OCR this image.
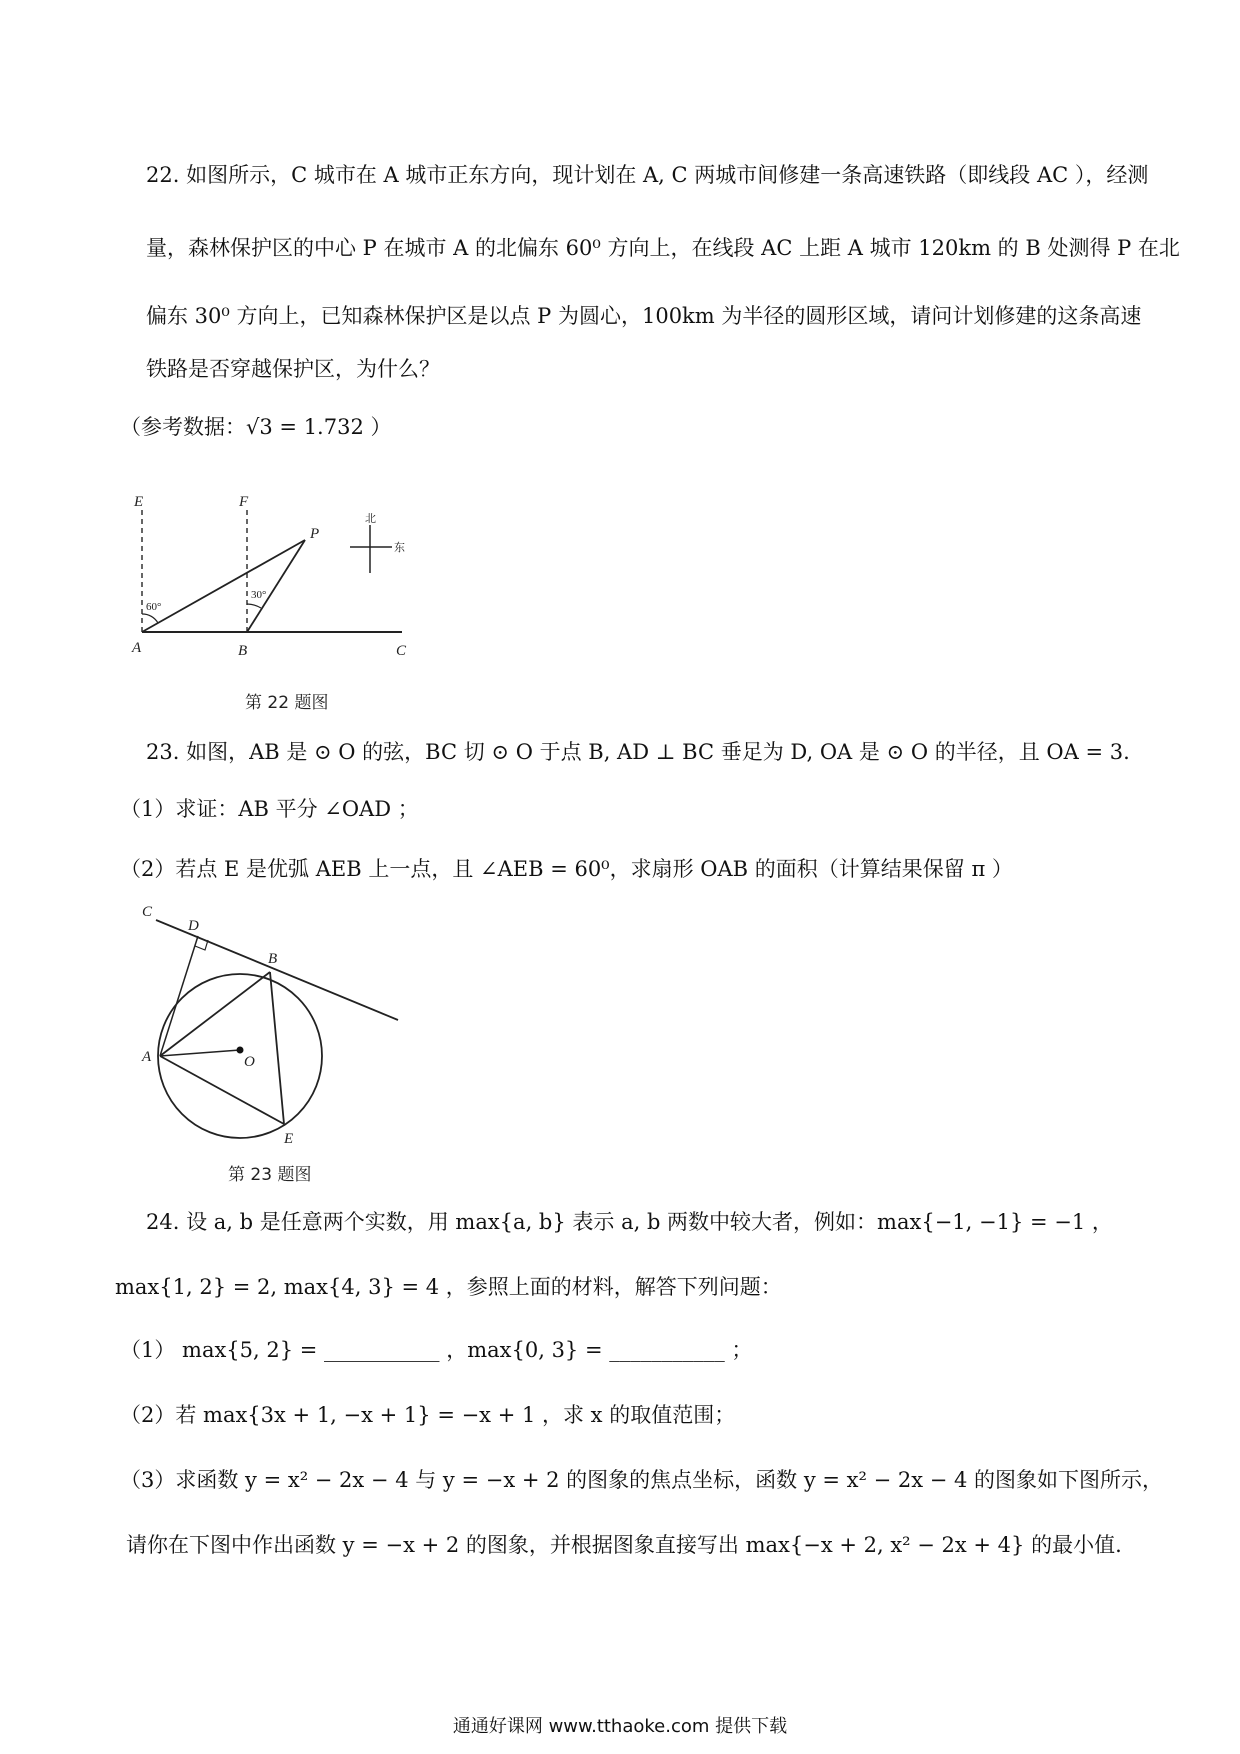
22. 如图所示，C 城市在 A 城市正东方向，现计划在 A, C 两城市间修建一条高速铁路（即线段 AC ），经测
量，森林保护区的中心 P 在城市 A 的北偏东 60⁰ 方向上，在线段 AC 上距 A 城市 120km 的 B 处测得 P 在北
偏东 30⁰ 方向上，已知森林保护区是以点 P 为圆心，100km 为半径的圆形区域，请问计划修建的这条高速
铁路是否穿越保护区，为什么？
（参考数据：√3 = 1.732 ）
E	F
P
A	B	C
60°
30°
北
东
第 22 题图
23. 如图，AB 是 ⊙ O 的弦，BC 切 ⊙ O 于点 B, AD ⊥ BC 垂足为 D, OA 是 ⊙ O 的半径，且 OA = 3.
（1）求证：AB 平分 ∠OAD ；
（2）若点 E 是优弧 AEB 上一点，且 ∠AEB = 60⁰，求扇形 OAB 的面积（计算结果保留 π ）
C
D
B
A	O
E
第 23 题图
24. 设 a, b 是任意两个实数，用 max{a, b} 表示 a, b 两数中较大者，例如：max{−1, −1} = −1 ，
max{1, 2} = 2, max{4, 3} = 4 ，参照上面的材料，解答下列问题：
（1） max{5, 2} = ___________ ，max{0, 3} = ___________ ；
（2）若 max{3x + 1, −x + 1} = −x + 1 ，求 x 的取值范围；
（3）求函数 y = x² − 2x − 4 与 y = −x + 2 的图象的焦点坐标，函数 y = x² − 2x − 4 的图象如下图所示，
请你在下图中作出函数 y = −x + 2 的图象，并根据图象直接写出 max{−x + 2, x² − 2x + 4} 的最小值.
通通好课网 www.tthaoke.com 提供下载
